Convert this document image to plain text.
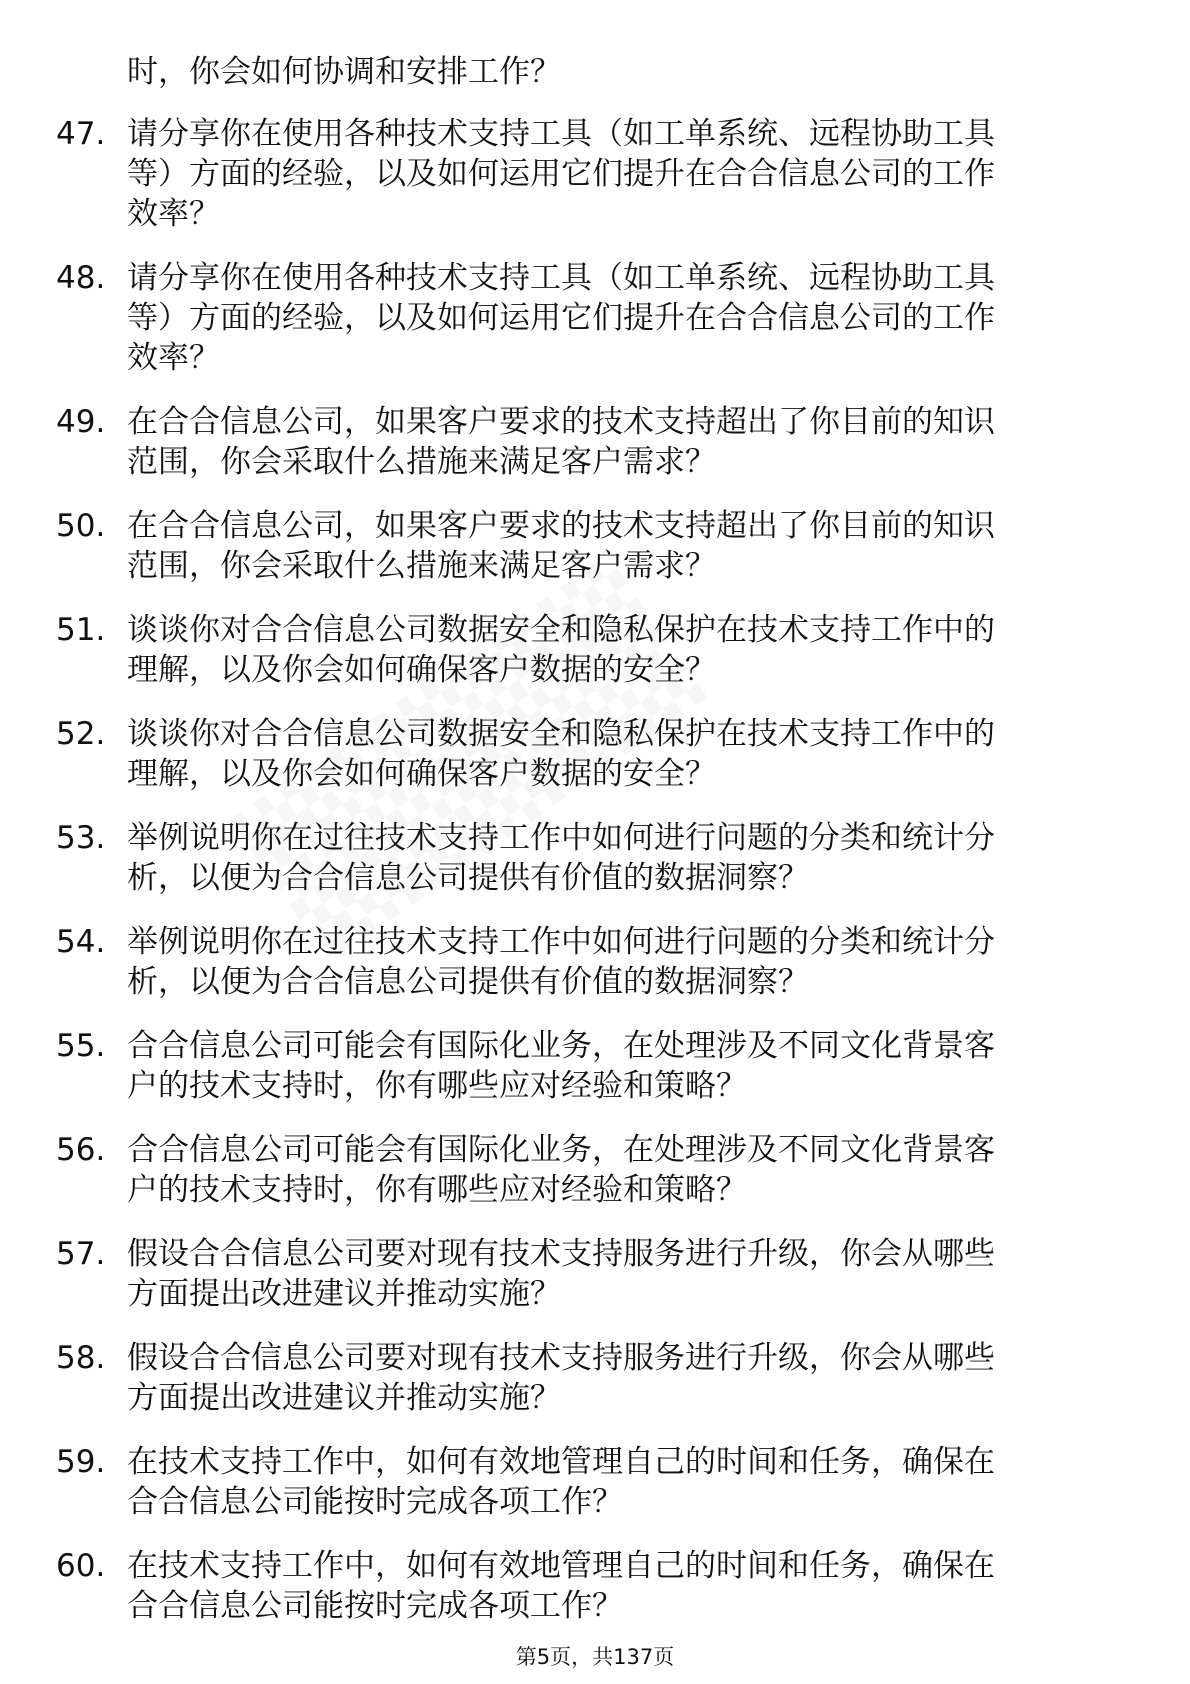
时，你会如何协调和安排工作？
47. 请分享你在使用各种技术支持工具（如工单系统、远程协助工具
等）方面的经验，以及如何运用它们提升在合合信息公司的工作
效率？
48. 请分享你在使用各种技术支持工具（如工单系统、远程协助工具
等）方面的经验，以及如何运用它们提升在合合信息公司的工作
效率？
49. 在合合信息公司，如果客户要求的技术支持超出了你目前的知识
范围，你会采取什么措施来满足客户需求？
50. 在合合信息公司，如果客户要求的技术支持超出了你目前的知识
范围，你会采取什么措施来满足客户需求？
51. 谈谈你对合合信息公司数据安全和隐私保护在技术支持工作中的
理解，以及你会如何确保客户数据的安全？
52. 谈谈你对合合信息公司数据安全和隐私保护在技术支持工作中的
理解，以及你会如何确保客户数据的安全？
53. 举例说明你在过往技术支持工作中如何进行问题的分类和统计分
析，以便为合合信息公司提供有价值的数据洞察？
54. 举例说明你在过往技术支持工作中如何进行问题的分类和统计分
析，以便为合合信息公司提供有价值的数据洞察？
55. 合合信息公司可能会有国际化业务，在处理涉及不同文化背景客
户的技术支持时，你有哪些应对经验和策略？
56. 合合信息公司可能会有国际化业务，在处理涉及不同文化背景客
户的技术支持时，你有哪些应对经验和策略？
57. 假设合合信息公司要对现有技术支持服务进行升级，你会从哪些
方面提出改进建议并推动实施？
58. 假设合合信息公司要对现有技术支持服务进行升级，你会从哪些
方面提出改进建议并推动实施？
59. 在技术支持工作中，如何有效地管理自己的时间和任务，确保在
合合信息公司能按时完成各项工作？
60. 在技术支持工作中，如何有效地管理自己的时间和任务，确保在
合合信息公司能按时完成各项工作？
第5页，共137页
